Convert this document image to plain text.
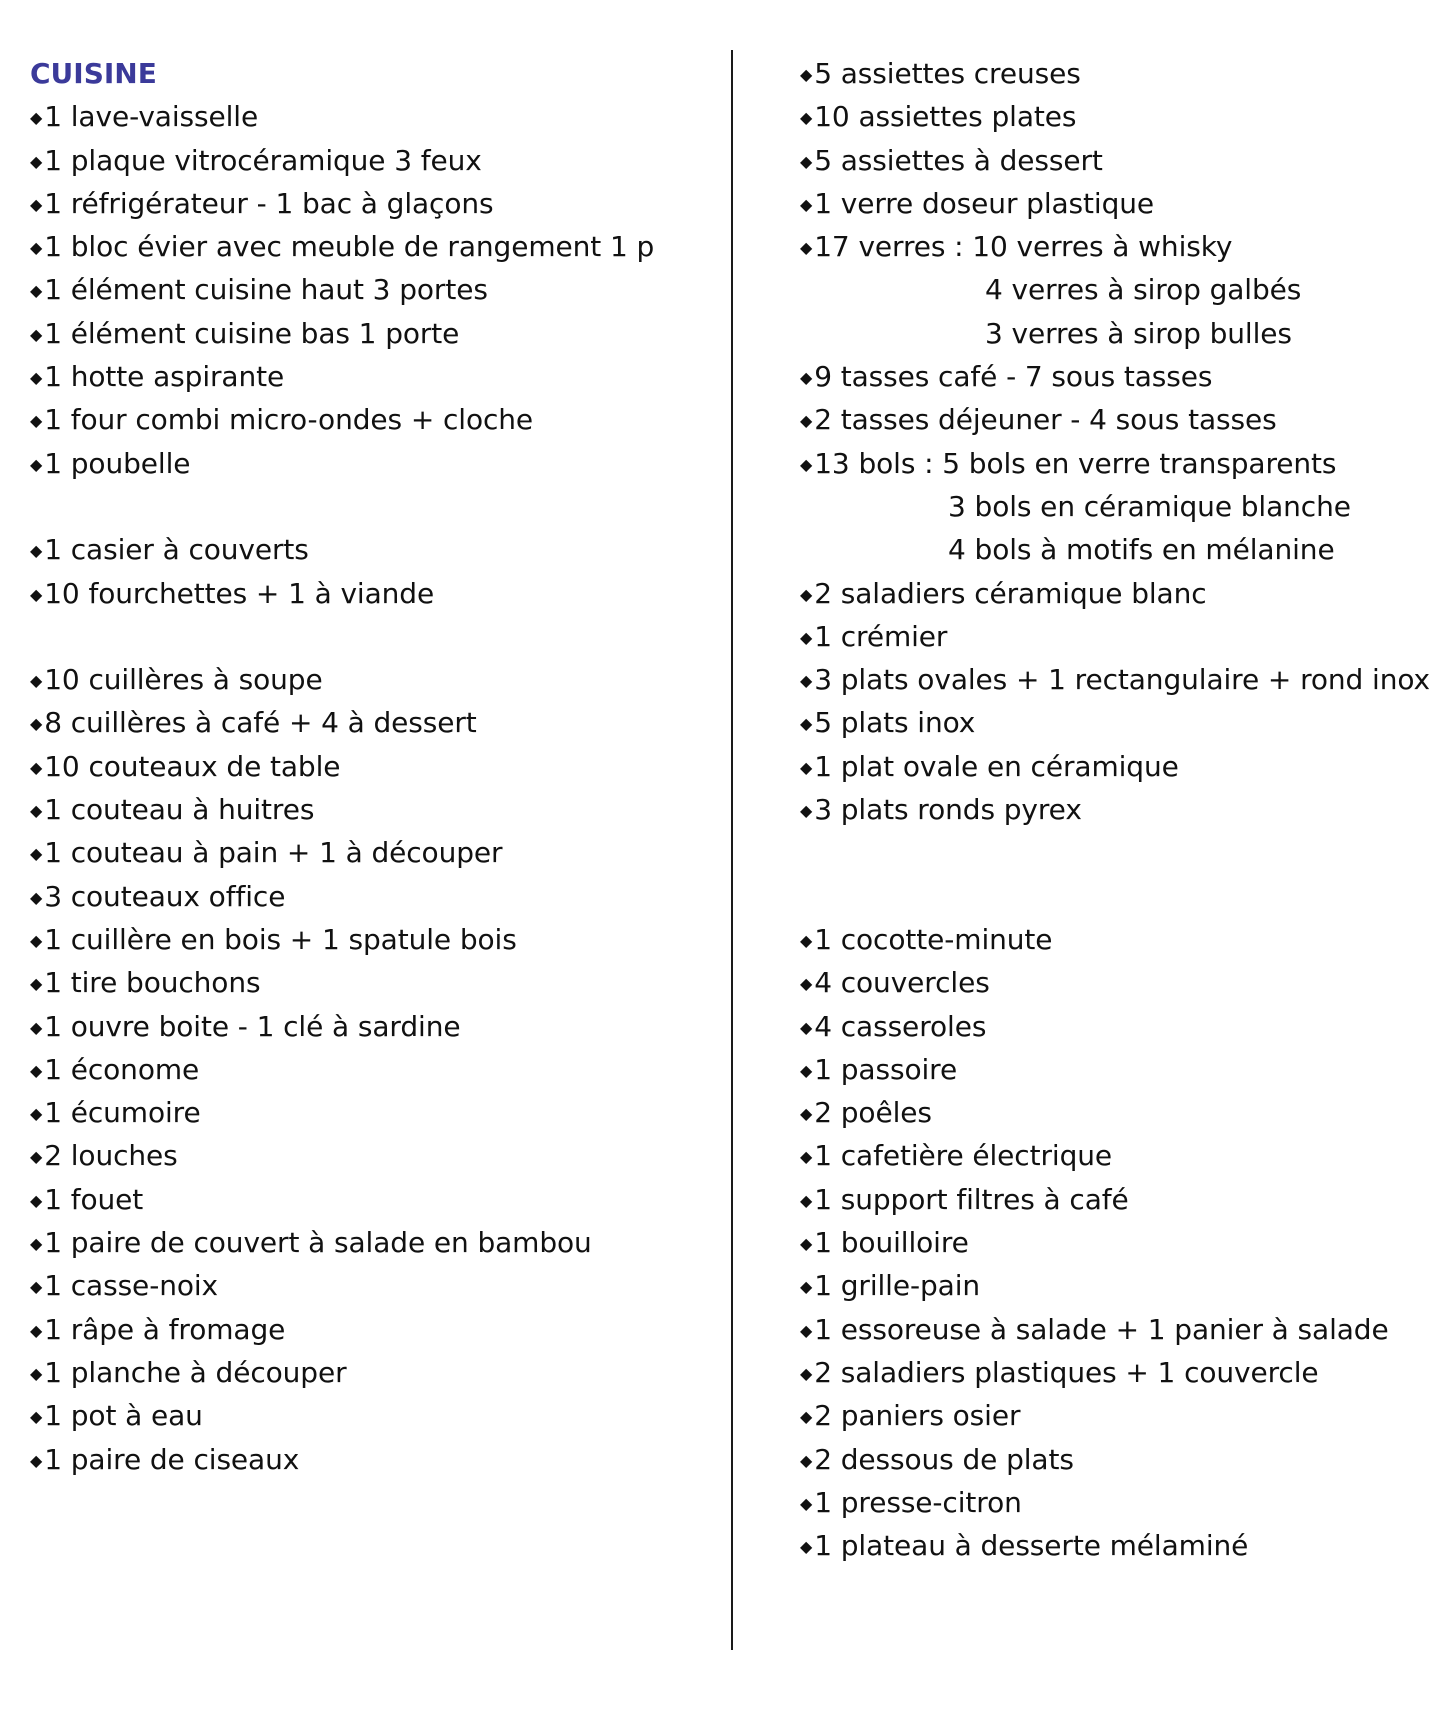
CUISINE
◆1 lave-vaisselle
◆1 plaque vitrocéramique 3 feux
◆1 réfrigérateur - 1 bac à glaçons
◆1 bloc évier avec meuble de rangement 1 p
◆1 élément cuisine haut 3 portes
◆1 élément cuisine bas 1 porte
◆1 hotte aspirante
◆1 four combi micro-ondes + cloche
◆1 poubelle
◆1 casier à couverts
◆10 fourchettes + 1 à viande
◆10 cuillères à soupe
◆8 cuillères à café + 4 à dessert
◆10 couteaux de table
◆1 couteau à huitres
◆1 couteau à pain + 1 à découper
◆3 couteaux office
◆1 cuillère en bois + 1 spatule bois
◆1 tire bouchons
◆1 ouvre boite - 1 clé à sardine
◆1 économe
◆1 écumoire
◆2 louches
◆1 fouet
◆1 paire de couvert à salade en bambou
◆1 casse-noix
◆1 râpe à fromage
◆1 planche à découper
◆1 pot à eau
◆1 paire de ciseaux
◆5 assiettes creuses
◆10 assiettes plates
◆5 assiettes à dessert
◆1 verre doseur plastique
◆17 verres : 10 verres à whisky
4 verres à sirop galbés
3 verres à sirop bulles
◆9 tasses café - 7 sous tasses
◆2 tasses déjeuner - 4 sous tasses
◆13 bols : 5 bols en verre transparents
3 bols en céramique blanche
4 bols à motifs en mélanine
◆2 saladiers céramique blanc
◆1 crémier
◆3 plats ovales + 1 rectangulaire + rond inox
◆5 plats inox
◆1 plat ovale en céramique
◆3 plats ronds pyrex
◆1 cocotte-minute
◆4 couvercles
◆4 casseroles
◆1 passoire
◆2 poêles
◆1 cafetière électrique
◆1 support filtres à café
◆1 bouilloire
◆1 grille-pain
◆1 essoreuse à salade + 1 panier à salade
◆2 saladiers plastiques + 1 couvercle
◆2 paniers osier
◆2 dessous de plats
◆1 presse-citron
◆1 plateau à desserte mélaminé
